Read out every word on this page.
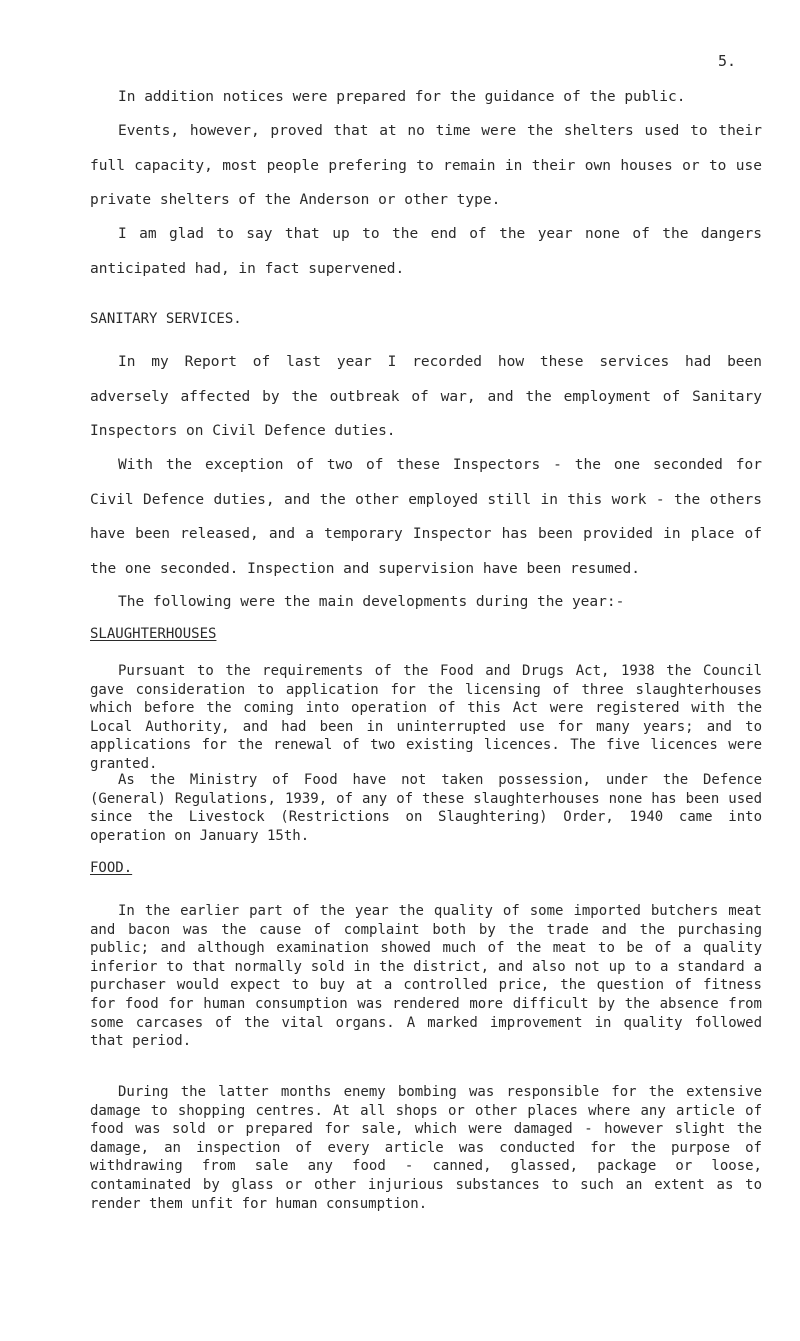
5.

In addition notices were prepared for the guidance of the public.

Events, however, proved that at no time were the shelters used to their full capacity, most people prefering to remain in their own houses or to use private shelters of the Anderson or other type.

I am glad to say that up to the end of the year none of the dangers anticipated had, in fact supervened.

SANITARY SERVICES.

In my Report of last year I recorded how these services had been adversely affected by the outbreak of war, and the employment of Sanitary Inspectors on Civil Defence duties.

With the exception of two of these Inspectors - the one seconded for Civil Defence duties, and the other employed still in this work - the others have been released, and a temporary Inspector has been provided in place of the one seconded. Inspection and supervision have been resumed.

The following were the main developments during the year:-

SLAUGHTERHOUSES

Pursuant to the requirements of the Food and Drugs Act, 1938 the Council gave consideration to application for the licensing of three slaughterhouses which before the coming into operation of this Act were registered with the Local Authority, and had been in uninterrupted use for many years; and to applications for the renewal of two existing licences. The five licences were granted.

As the Ministry of Food have not taken possession, under the Defence (General) Regulations, 1939, of any of these slaughterhouses none has been used since the Livestock (Restrictions on Slaughtering) Order, 1940 came into operation on January 15th.

FOOD.

In the earlier part of the year the quality of some imported butchers meat and bacon was the cause of complaint both by the trade and the purchasing public; and although examination showed much of the meat to be of a quality inferior to that normally sold in the district, and also not up to a standard a purchaser would expect to buy at a controlled price, the question of fitness for food for human consumption was rendered more difficult by the absence from some carcases of the vital organs. A marked improvement in quality followed that period.

During the latter months enemy bombing was responsible for the extensive damage to shopping centres. At all shops or other places where any article of food was sold or prepared for sale, which were damaged - however slight the damage, an inspection of every article was conducted for the purpose of withdrawing from sale any food - canned, glassed, package or loose, contaminated by glass or other injurious substances to such an extent as to render them unfit for human consumption.
